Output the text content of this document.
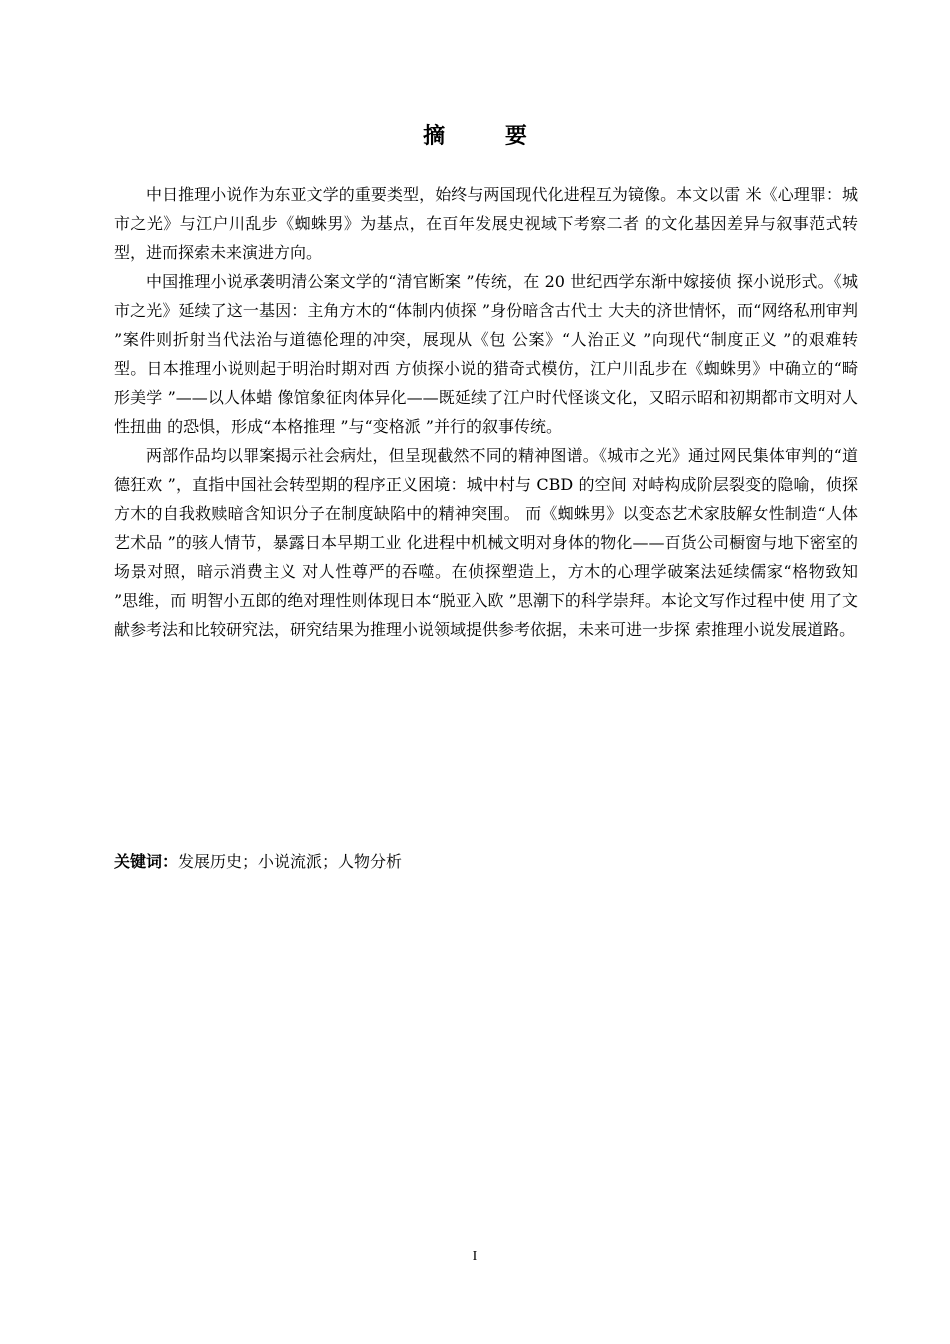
摘 要

中日推理小说作为东亚文学的重要类型，始终与两国现代化进程互为镜像。本文以雷 米《心理罪：城市之光》与江户川乱步《蜘蛛男》为基点，在百年发展史视域下考察二者 的文化基因差异与叙事范式转型，进而探索未来演进方向。

中国推理小说承袭明清公案文学的“清官断案 ”传统，在 20 世纪西学东渐中嫁接侦 探小说形式。《城市之光》延续了这一基因：主角方木的“体制内侦探 ”身份暗含古代士 大夫的济世情怀，而“网络私刑审判 ”案件则折射当代法治与道德伦理的冲突，展现从《包 公案》“人治正义 ”向现代“制度正义 ”的艰难转型。日本推理小说则起于明治时期对西 方侦探小说的猎奇式模仿，江户川乱步在《蜘蛛男》中确立的“畸形美学 ”——以人体蜡 像馆象征肉体异化——既延续了江户时代怪谈文化，又昭示昭和初期都市文明对人性扭曲 的恐惧，形成“本格推理 ”与“变格派 ”并行的叙事传统。

两部作品均以罪案揭示社会病灶，但呈现截然不同的精神图谱。《城市之光》通过网民集体审判的“道德狂欢 ”，直指中国社会转型期的程序正义困境：城中村与 CBD 的空间 对峙构成阶层裂变的隐喻，侦探方木的自我救赎暗含知识分子在制度缺陷中的精神突围。 而《蜘蛛男》以变态艺术家肢解女性制造“人体艺术品 ”的骇人情节，暴露日本早期工业 化进程中机械文明对身体的物化——百货公司橱窗与地下密室的场景对照，暗示消费主义 对人性尊严的吞噬。在侦探塑造上，方木的心理学破案法延续儒家“格物致知 ”思维，而 明智小五郎的绝对理性则体现日本“脱亚入欧 ”思潮下的科学崇拜。本论文写作过程中使 用了文献参考法和比较研究法，研究结果为推理小说领域提供参考依据，未来可进一步探 索推理小说发展道路。

关键词：发展历史；小说流派；人物分析
I
